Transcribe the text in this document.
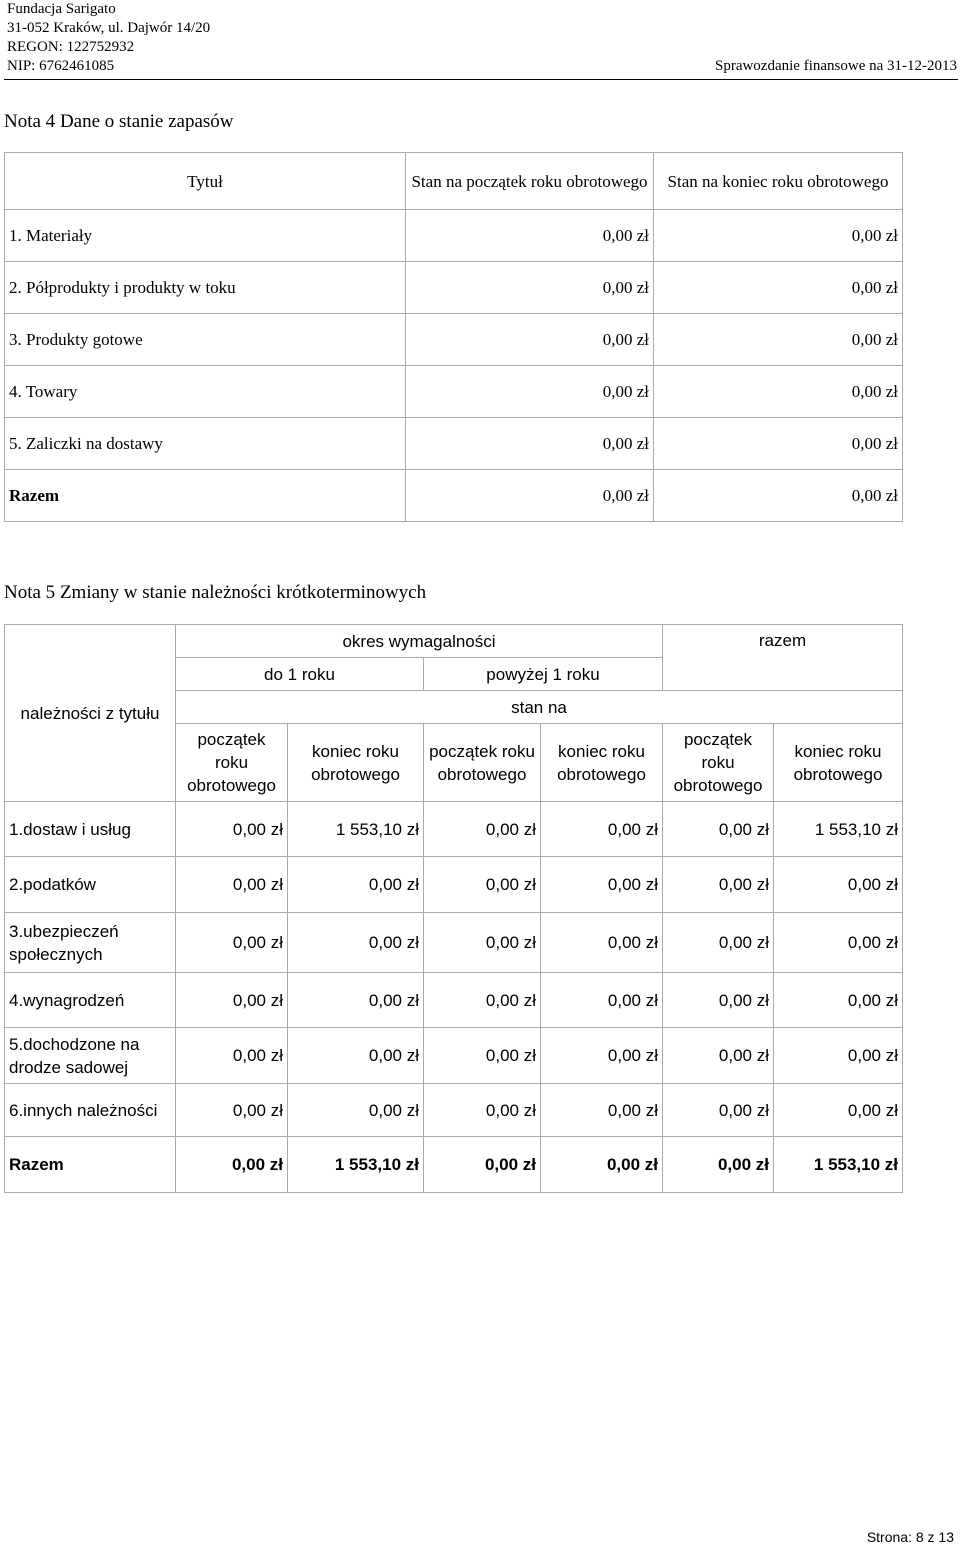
Fundacja Sarigato
31-052 Kraków, ul. Dajwór 14/20
REGON: 122752932
NIP: 6762461085	Sprawozdanie finansowe na 31-12-2013
Nota 4 Dane o stanie zapasów
Tytuł	Stan na początek roku obrotowego	Stan na koniec roku obrotowego
1. Materiały	0,00 zł	0,00 zł
2. Półprodukty i produkty w toku	0,00 zł	0,00 zł
3. Produkty gotowe	0,00 zł	0,00 zł
4. Towary	0,00 zł	0,00 zł
5. Zaliczki na dostawy	0,00 zł	0,00 zł
Razem	0,00 zł	0,00 zł
Nota 5 Zmiany w stanie należności krótkoterminowych
należności z tytułu	okres wymagalności				razem	
	do 1 roku		powyżej 1 roku			
	stan na					
	początek roku obrotowego	koniec roku obrotowego	początek roku obrotowego	koniec roku obrotowego	początek roku obrotowego	koniec roku obrotowego
1.dostaw i usług	0,00 zł	1 553,10 zł	0,00 zł	0,00 zł	0,00 zł	1 553,10 zł
2.podatków	0,00 zł	0,00 zł	0,00 zł	0,00 zł	0,00 zł	0,00 zł
3.ubezpieczeń społecznych	0,00 zł	0,00 zł	0,00 zł	0,00 zł	0,00 zł	0,00 zł
4.wynagrodzeń	0,00 zł	0,00 zł	0,00 zł	0,00 zł	0,00 zł	0,00 zł
5.dochodzone na drodze sadowej	0,00 zł	0,00 zł	0,00 zł	0,00 zł	0,00 zł	0,00 zł
6.innych należności	0,00 zł	0,00 zł	0,00 zł	0,00 zł	0,00 zł	0,00 zł
Razem	0,00 zł	1 553,10 zł	0,00 zł	0,00 zł	0,00 zł	1 553,10 zł
Strona: 8 z 13
